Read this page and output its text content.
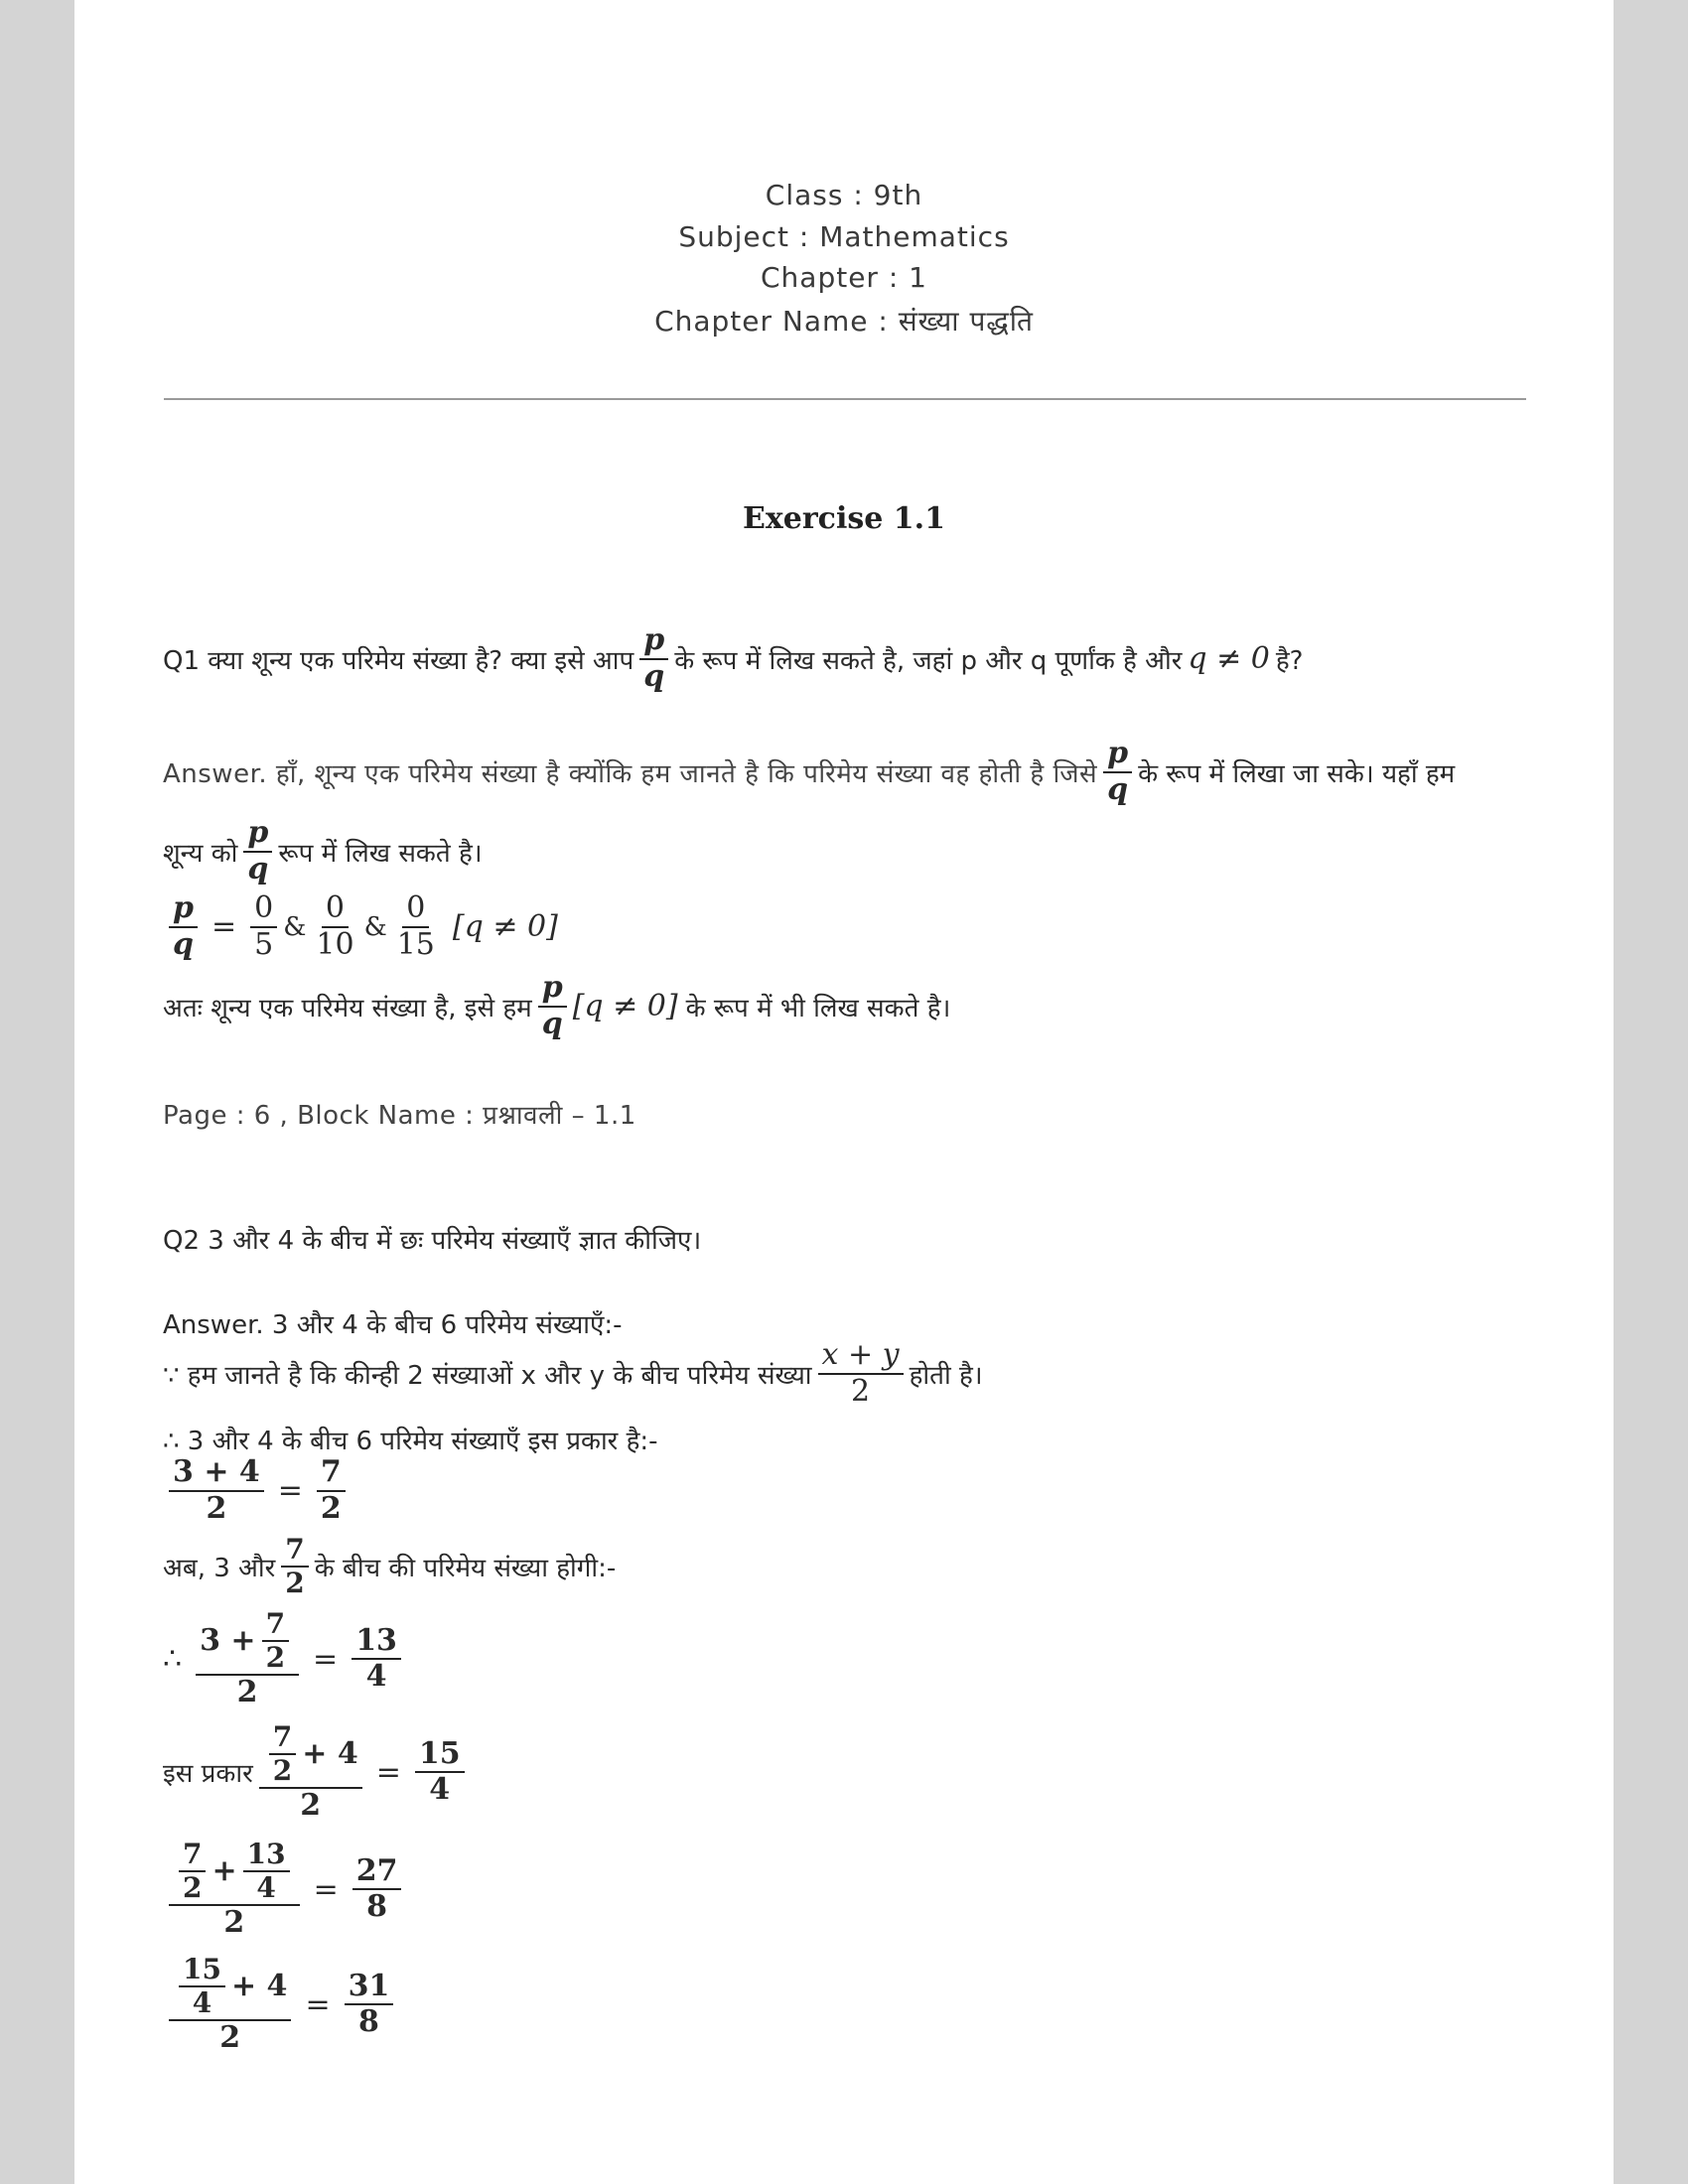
Class : 9th
Subject : Mathematics
Chapter : 1
Chapter Name : संख्या पद्धति
Exercise 1.1
Q1 क्या शून्य एक परिमेय संख्या है? क्या इसे आप $\frac{p}{q}$ के रूप में लिख सकते है, जहां p और q पूर्णांक है और q ≠ 0 है?
Answer. हाँ, शून्य एक परिमेय संख्या है क्योंकि हम जानते है कि परिमेय संख्या वह होती है जिसे $\frac{p}{q}$ के रूप में लिखा जा सके। यहाँ हम
शून्य को $\frac{p}{q}$ रूप में लिख सकते है।
$\frac{p}{q} = \frac{0}{5}$ & $\frac{0}{10}$ & $\frac{0}{15} [q \ne 0]$
अतः शून्य एक परिमेय संख्या है, इसे हम $\frac{p}{q} [q \ne 0]$ के रूप में भी लिख सकते है।
Page : 6 , Block Name : प्रश्नावली – 1.1
Q2 3 और 4 के बीच में छः परिमेय संख्याएँ ज्ञात कीजिए।
Answer. 3 और 4 के बीच 6 परिमेय संख्याएँ:-
∵ हम जानते है कि कीन्ही 2 संख्याओं x और y के बीच परिमेय संख्या $\frac{x + y}{2}$ होती है।
∴ 3 और 4 के बीच 6 परिमेय संख्याएँ इस प्रकार है:-
$\frac{3 + 4}{2} = \frac{7}{2}$
अब, 3 और $\frac{7}{2}$ के बीच की परिमेय संख्या होगी:-
∴ $\frac{3 + \frac{7}{2}}{2} = \frac{13}{4}$
इस प्रकार $\frac{\frac{7}{2} + 4}{2} = \frac{15}{4}$
$\frac{7}{2} + \frac{13}{4}$
2
= $\frac{27}{8}$
$\frac{\frac{15}{4} + 4}{2} = \frac{31}{8}$
